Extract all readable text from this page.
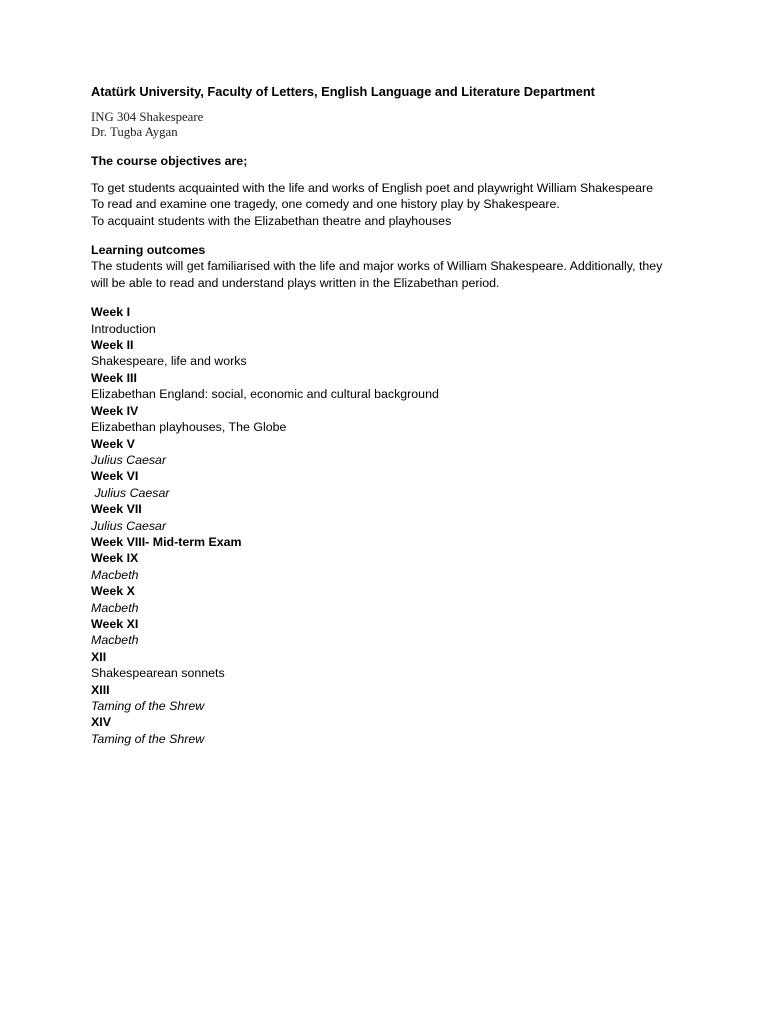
Atatürk University, Faculty of Letters, English Language and Literature Department
ING 304 Shakespeare
Dr. Tugba Aygan
The course objectives are;
To get students acquainted with the life and works of English poet and playwright William Shakespeare
To read and examine one tragedy, one comedy and one history play by Shakespeare.
To acquaint students with the Elizabethan theatre and playhouses
Learning outcomes
The students will get familiarised with the life and major works of William Shakespeare. Additionally, they will be able to read and understand plays written in the Elizabethan period.
Week I
Introduction
Week II
Shakespeare, life and works
Week III
Elizabethan England: social, economic and cultural background
Week IV
Elizabethan playhouses, The Globe
Week V
Julius Caesar
Week VI
Julius Caesar
Week VII
Julius Caesar
Week VIII- Mid-term Exam
Week IX
Macbeth
Week X
Macbeth
Week XI
Macbeth
XII
Shakespearean sonnets
XIII
Taming of the Shrew
XIV
Taming of the Shrew
